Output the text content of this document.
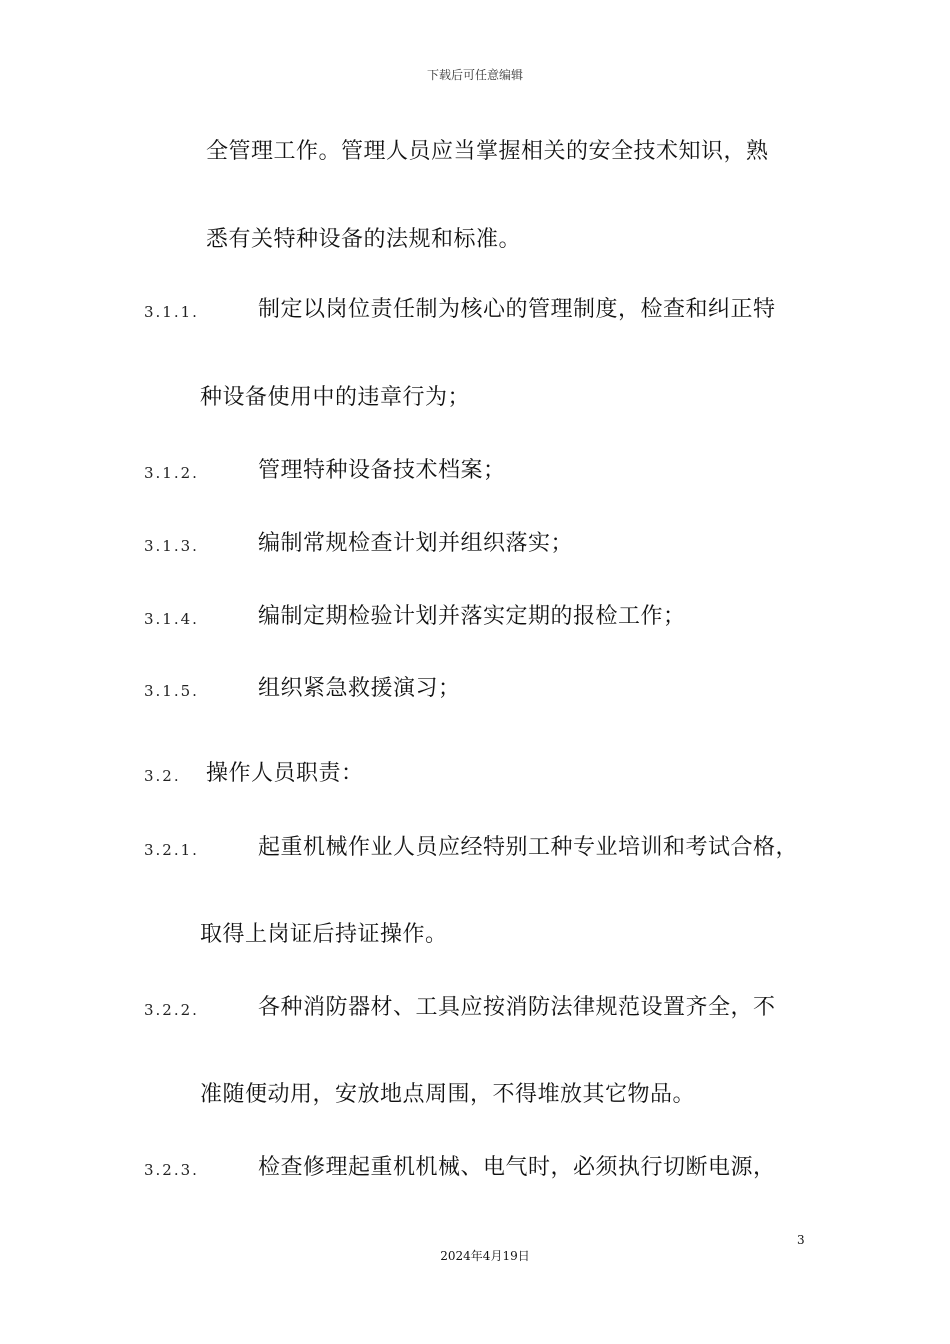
下载后可任意编辑
全管理工作。管理人员应当掌握相关的安全技术知识，熟
悉有关特种设备的法规和标准。
3.1.1.	制定以岗位责任制为核心的管理制度，检查和纠正特
种设备使用中的违章行为；
3.1.2.	管理特种设备技术档案；
3.1.3.	编制常规检查计划并组织落实；
3.1.4.	编制定期检验计划并落实定期的报检工作；
3.1.5.	组织紧急救援演习；
3.2. 操作人员职责：
3.2.1.	起重机械作业人员应经特别工种专业培训和考试合格，
取得上岗证后持证操作。
3.2.2.	各种消防器材、工具应按消防法律规范设置齐全，不
准随便动用，安放地点周围，不得堆放其它物品。
3.2.3.	检查修理起重机机械、电气时，必须执行切断电源，
3
2024年4月19日
